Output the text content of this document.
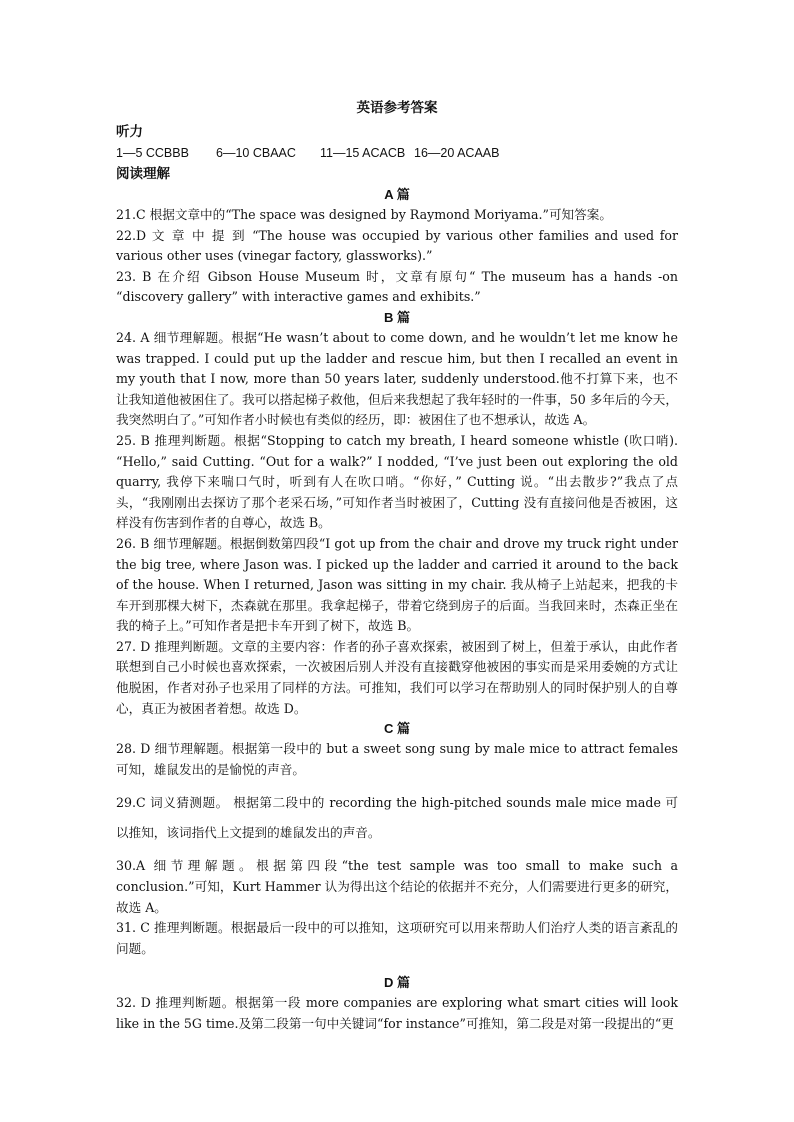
英语参考答案
听力
1—5 CCBBB 6—10 CBAAC 11—15 ACACB 16—20 ACAAB
阅读理解
A 篇

21.C 根据文章中的“The space was designed by Raymond Moriyama.”可知答案。

22.D 文 章 中 提 到 “The house was occupied by various other families and used for various other uses (vinegar factory, glassworks).”

23. B 在介绍 Gibson House Museum 时，文章有原句“ The museum has a hands -on “discovery gallery” with interactive games and exhibits.”

B 篇

24. A 细节理解题。根据“He wasn’t about to come down, and he wouldn’t let me know he was trapped. I could put up the ladder and rescue him, but then I recalled an event in my youth that I now, more than 50 years later, suddenly understood.他不打算下来，也不让我知道他被困住了。我可以搭起梯子救他，但后来我想起了我年轻时的一件事，50 多年后的今天，我突然明白了。”可知作者小时候也有类似的经历，即：被困住了也不想承认，故选 A。

25. B 推理判断题。根据“Stopping to catch my breath, I heard someone whistle (吹口哨). “Hello,” said Cutting. “Out for a walk?” I nodded, “I’ve just been out exploring the old quarry, 我停下来喘口气时，听到有人在吹口哨。“你好，” Cutting 说。“出去散步?”我点了点头，“我刚刚出去探访了那个老采石场，”可知作者当时被困了，Cutting 没有直接问他是否被困，这样没有伤害到作者的自尊心，故选 B。

26. B 细节理解题。根据倒数第四段“I got up from the chair and drove my truck right under the big tree, where Jason was. I picked up the ladder and carried it around to the back of the house. When I returned, Jason was sitting in my chair. 我从椅子上站起来，把我的卡车开到那棵大树下，杰森就在那里。我拿起梯子，带着它绕到房子的后面。当我回来时，杰森正坐在我的椅子上。”可知作者是把卡车开到了树下，故选 B。

27. D 推理判断题。文章的主要内容：作者的孙子喜欢探索，被困到了树上，但羞于承认，由此作者联想到自己小时候也喜欢探索，一次被困后别人并没有直接戳穿他被困的事实而是采用委婉的方式让他脱困，作者对孙子也采用了同样的方法。可推知，我们可以学习在帮助别人的同时保护别人的自尊心，真正为被困者着想。故选 D。

C 篇

28. D 细节理解题。根据第一段中的 but a sweet song sung by male mice to attract females 可知，雄鼠发出的是愉悦的声音。

29.C 词义猜测题。 根据第二段中的 recording the high-pitched sounds male mice made 可以推知，该词指代上文提到的雄鼠发出的声音。

30.A 细节理解题。根据第四段“the test sample was too small to make such a conclusion.”可知，Kurt Hammer 认为得出这个结论的依据并不充分，人们需要进行更多的研究，故选 A。

31. C 推理判断题。根据最后一段中的可以推知，这项研究可以用来帮助人们治疗人类的语言紊乱的问题。

D 篇

32. D 推理判断题。根据第一段 more companies are exploring what smart cities will look like in the 5G time.及第二段第一句中关键词“for instance”可推知，第二段是对第一段提出的“更
